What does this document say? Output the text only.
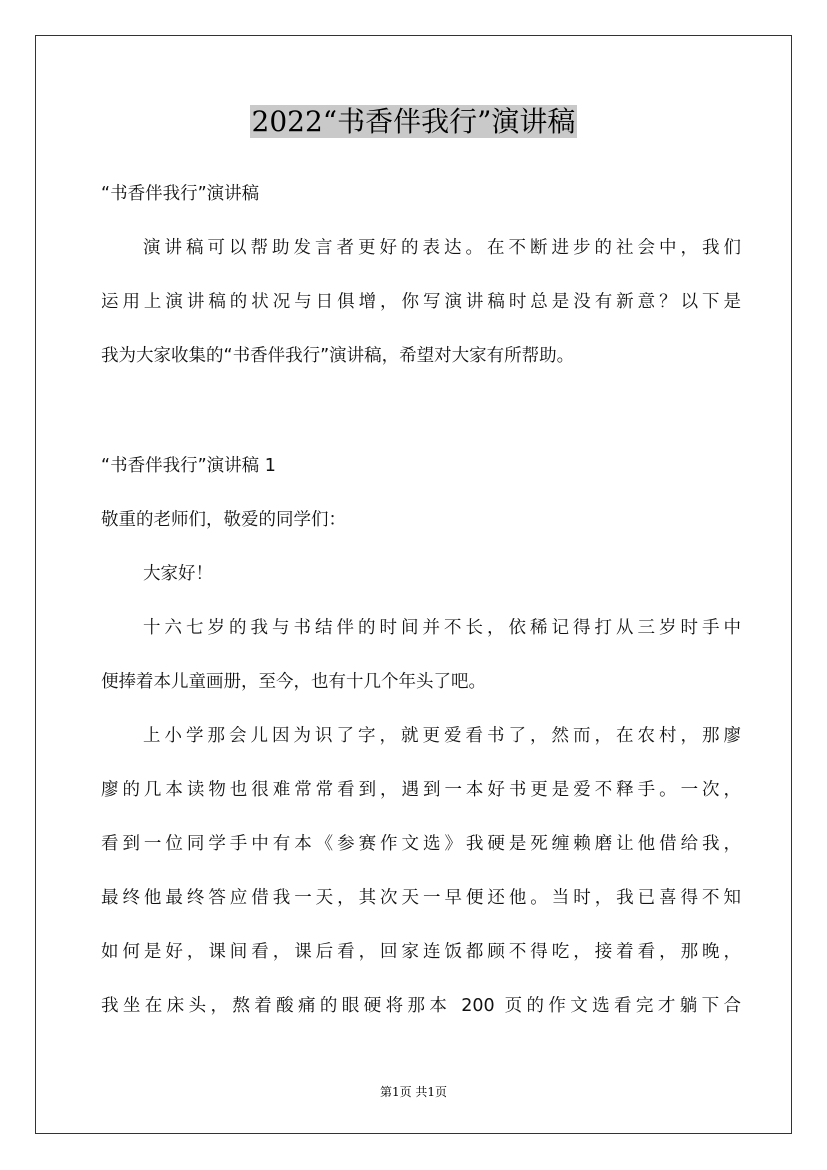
2022“书香伴我行”演讲稿
“书香伴我行”演讲稿
演讲稿可以帮助发言者更好的表达。在不断进步的社会中，我们
运用上演讲稿的状况与日俱增，你写演讲稿时总是没有新意？以下是
我为大家收集的“书香伴我行”演讲稿，希望对大家有所帮助。
“书香伴我行”演讲稿 1
敬重的老师们，敬爱的同学们：
大家好！
十六七岁的我与书结伴的时间并不长，依稀记得打从三岁时手中
便捧着本儿童画册，至今，也有十几个年头了吧。
上小学那会儿因为识了字，就更爱看书了，然而，在农村，那廖
廖的几本读物也很难常常看到，遇到一本好书更是爱不释手。一次，
看到一位同学手中有本《参赛作文选》我硬是死缠赖磨让他借给我，
最终他最终答应借我一天，其次天一早便还他。当时，我已喜得不知
如何是好，课间看，课后看，回家连饭都顾不得吃，接着看，那晚，
我坐在床头，熬着酸痛的眼硬将那本 200 页的作文选看完才躺下合
第1页 共1页
